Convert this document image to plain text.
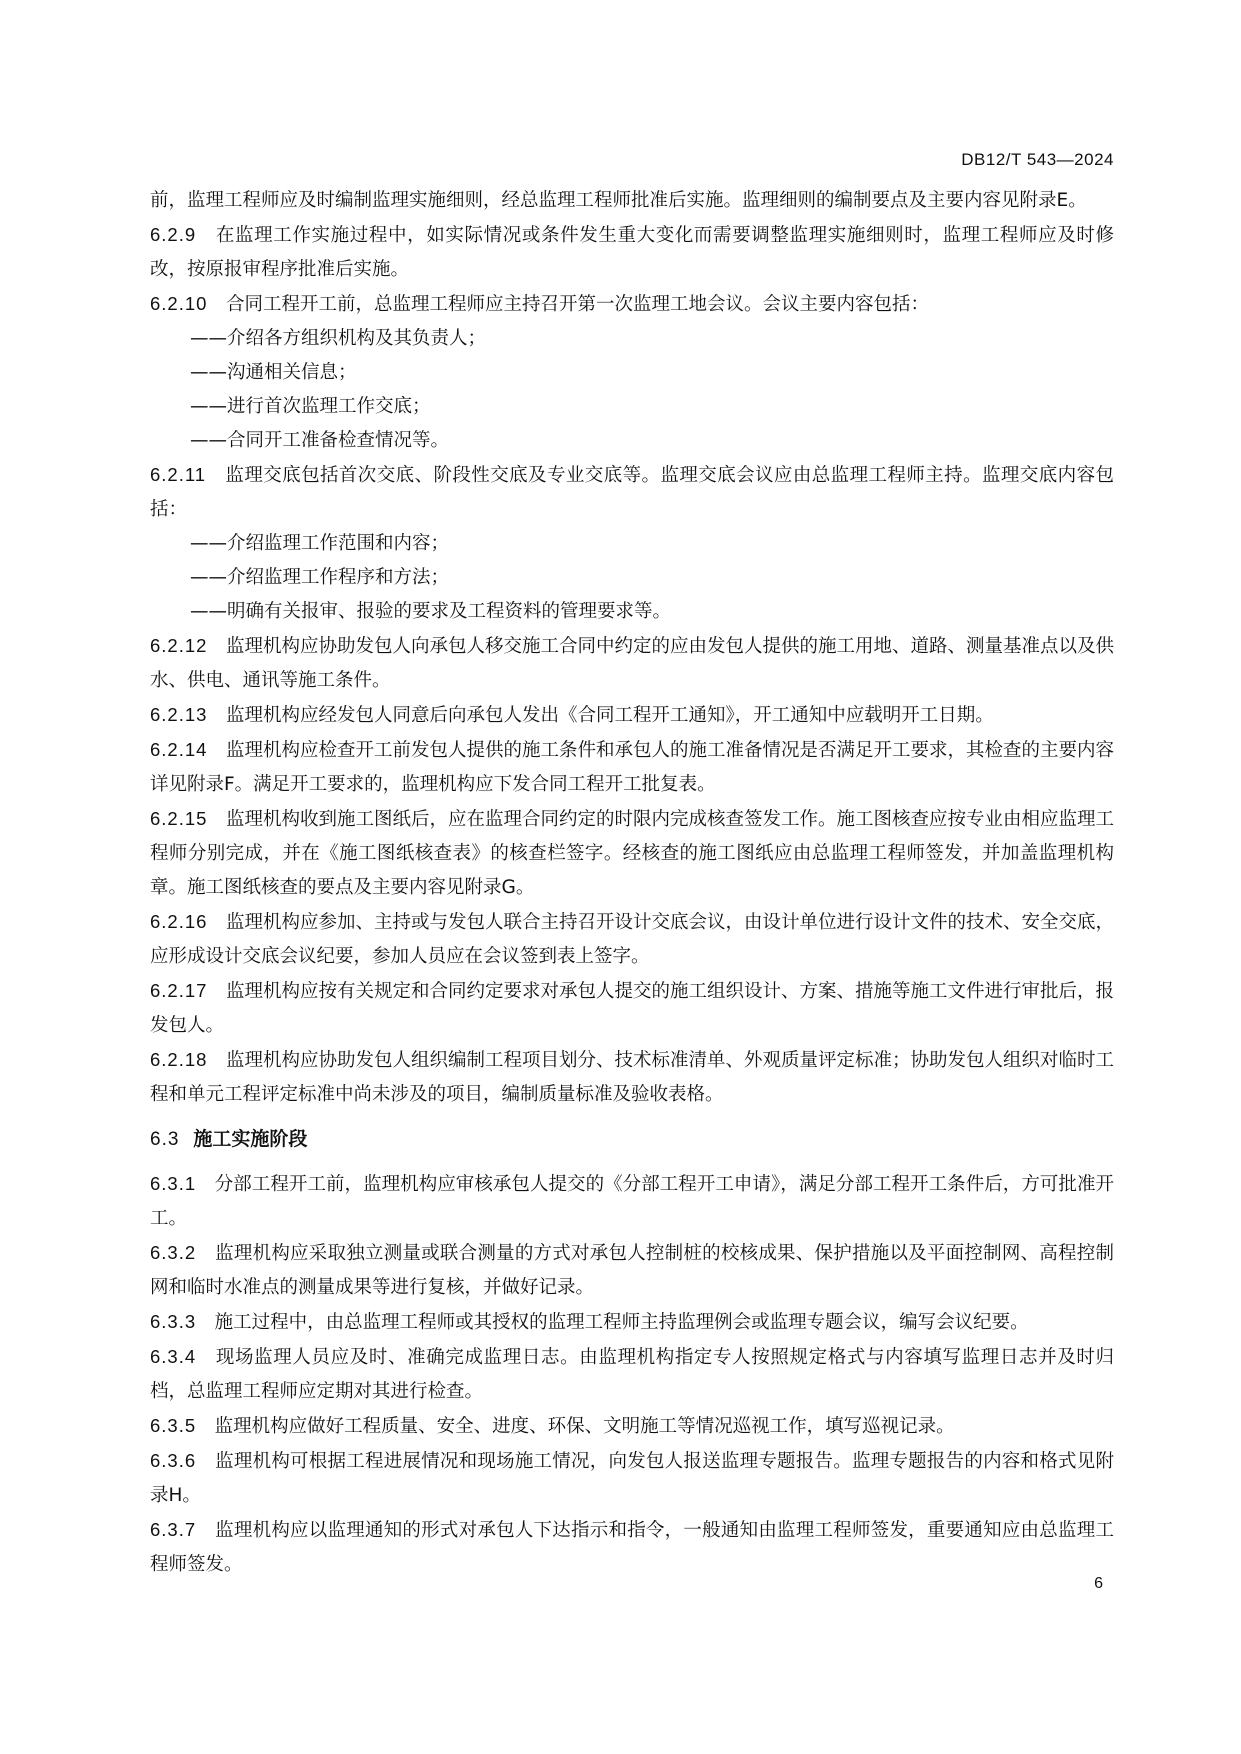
DB12/T 543—2024

前，监理工程师应及时编制监理实施细则，经总监理工程师批准后实施。监理细则的编制要点及主要内容见附录E。

6.2.9　 在监理工作实施过程中，如实际情况或条件发生重大变化而需要调整监理实施细则时，监理工程师应及时修改，按原报审程序批准后实施。

6.2.10　 合同工程开工前，总监理工程师应主持召开第一次监理工地会议。会议主要内容包括：

——介绍各方组织机构及其负责人；

——沟通相关信息；

——进行首次监理工作交底；

——合同开工准备检查情况等。

6.2.11　 监理交底包括首次交底、阶段性交底及专业交底等。监理交底会议应由总监理工程师主持。监理交底内容包括：

——介绍监理工作范围和内容；

——介绍监理工作程序和方法；

——明确有关报审、报验的要求及工程资料的管理要求等。

6.2.12　 监理机构应协助发包人向承包人移交施工合同中约定的应由发包人提供的施工用地、道路、测量基准点以及供水、供电、通讯等施工条件。

6.2.13　 监理机构应经发包人同意后向承包人发出《合同工程开工通知》，开工通知中应载明开工日期。

6.2.14　 监理机构应检查开工前发包人提供的施工条件和承包人的施工准备情况是否满足开工要求，其检查的主要内容详见附录F。满足开工要求的，监理机构应下发合同工程开工批复表。

6.2.15　 监理机构收到施工图纸后，应在监理合同约定的时限内完成核查签发工作。施工图核查应按专业由相应监理工程师分别完成，并在《施工图纸核查表》的核查栏签字。经核查的施工图纸应由总监理工程师签发，并加盖监理机构章。施工图纸核查的要点及主要内容见附录G。

6.2.16　 监理机构应参加、主持或与发包人联合主持召开设计交底会议，由设计单位进行设计文件的技术、安全交底，应形成设计交底会议纪要，参加人员应在会议签到表上签字。

6.2.17　 监理机构应按有关规定和合同约定要求对承包人提交的施工组织设计、方案、措施等施工文件进行审批后，报发包人。

6.2.18　 监理机构应协助发包人组织编制工程项目划分、技术标准清单、外观质量评定标准；协助发包人组织对临时工程和单元工程评定标准中尚未涉及的项目，编制质量标准及验收表格。

6.3 施工实施阶段

6.3.1　 分部工程开工前，监理机构应审核承包人提交的《分部工程开工申请》，满足分部工程开工条件后，方可批准开工。

6.3.2　 监理机构应采取独立测量或联合测量的方式对承包人控制桩的校核成果、保护措施以及平面控制网、高程控制网和临时水准点的测量成果等进行复核，并做好记录。

6.3.3　 施工过程中，由总监理工程师或其授权的监理工程师主持监理例会或监理专题会议，编写会议纪要。

6.3.4　 现场监理人员应及时、准确完成监理日志。由监理机构指定专人按照规定格式与内容填写监理日志并及时归档，总监理工程师应定期对其进行检查。

6.3.5　 监理机构应做好工程质量、安全、进度、环保、文明施工等情况巡视工作，填写巡视记录。

6.3.6　 监理机构可根据工程进展情况和现场施工情况，向发包人报送监理专题报告。监理专题报告的内容和格式见附录H。

6.3.7　 监理机构应以监理通知的形式对承包人下达指示和指令，一般通知由监理工程师签发，重要通知应由总监理工程师签发。

6
